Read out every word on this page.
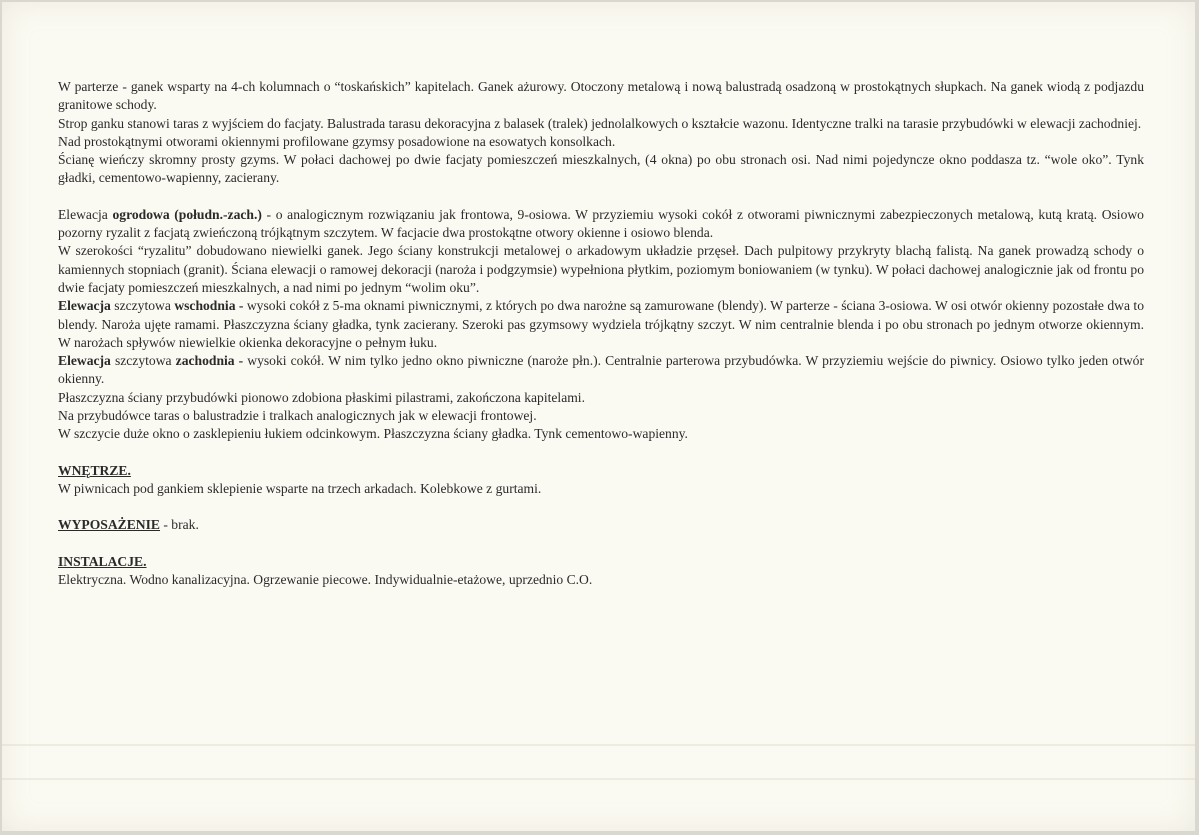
W parterze - ganek wsparty na 4-ch kolumnach o “toskańskich” kapitelach. Ganek ażurowy. Otoczony metalową i nową balustradą osadzoną w prostokątnych słupkach. Na ganek wiodą z podjazdu granitowe schody.

Strop ganku stanowi taras z wyjściem do facjaty. Balustrada tarasu dekoracyjna z balasek (tralek) jednolalkowych o kształcie wazonu. Identyczne tralki na tarasie przybudówki w elewacji zachodniej.

Nad prostokątnymi otworami okiennymi profilowane gzymsy posadowione na esowatych konsolkach.

Ścianę wieńczy skromny prosty gzyms. W połaci dachowej po dwie facjaty pomieszczeń mieszkalnych, (4 okna) po obu stronach osi. Nad nimi pojedyncze okno poddasza tz. “wole oko”. Tynk gładki, cementowo-wapienny, zacierany.

Elewacja ogrodowa (połudn.-zach.) - o analogicznym rozwiązaniu jak frontowa, 9-osiowa. W przyziemiu wysoki cokół z otworami piwnicznymi zabezpieczonych metalową, kutą kratą. Osiowo pozorny ryzalit z facjatą zwieńczoną trójkątnym szczytem. W facjacie dwa prostokątne otwory okienne i osiowo blenda.

W szerokości “ryzalitu” dobudowano niewielki ganek. Jego ściany konstrukcji metalowej o arkadowym układzie przęseł. Dach pulpitowy przykryty blachą falistą. Na ganek prowadzą schody o kamiennych stopniach (granit). Ściana elewacji o ramowej dekoracji (naroża i podgzymsie) wypełniona płytkim, poziomym boniowaniem (w tynku). W połaci dachowej analogicznie jak od frontu po dwie facjaty pomieszczeń mieszkalnych, a nad nimi po jednym “wolim oku”.

Elewacja szczytowa wschodnia - wysoki cokół z 5-ma oknami piwnicznymi, z których po dwa narożne są zamurowane (blendy). W parterze - ściana 3-osiowa. W osi otwór okienny pozostałe dwa to blendy. Naroża ujęte ramami. Płaszczyzna ściany gładka, tynk zacierany. Szeroki pas gzymsowy wydziela trójkątny szczyt. W nim centralnie blenda i po obu stronach po jednym otworze okiennym. W narożach spływów niewielkie okienka dekoracyjne o pełnym łuku.

Elewacja szczytowa zachodnia - wysoki cokół. W nim tylko jedno okno piwniczne (naroże płn.). Centralnie parterowa przybudówka. W przyziemiu wejście do piwnicy. Osiowo tylko jeden otwór okienny.

Płaszczyzna ściany przybudówki pionowo zdobiona płaskimi pilastrami, zakończona kapitelami.

Na przybudówce taras o balustradzie i tralkach analogicznych jak w elewacji frontowej.

W szczycie duże okno o zasklepieniu łukiem odcinkowym. Płaszczyzna ściany gładka. Tynk cementowo-wapienny.

WNĘTRZE.

W piwnicach pod gankiem sklepienie wsparte na trzech arkadach. Kolebkowe z gurtami.

WYPOSAŻENIE - brak.

INSTALACJE.

Elektryczna. Wodno kanalizacyjna. Ogrzewanie piecowe. Indywidualnie-etażowe, uprzednio C.O.
